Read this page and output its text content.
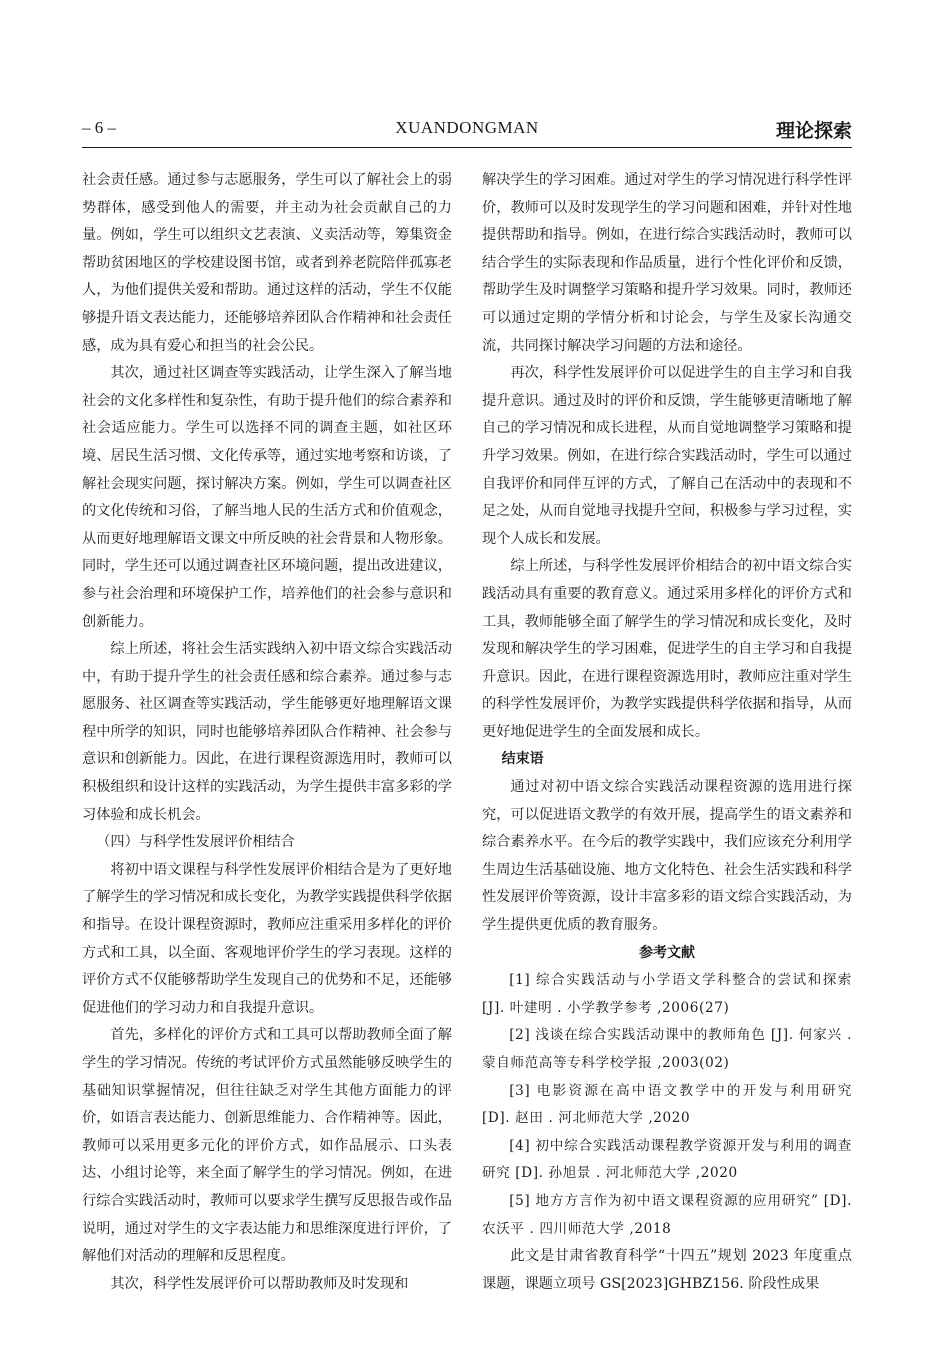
– 6 –	XUANDONGMAN	理论探索

社会责任感。通过参与志愿服务，学生可以了解社会上的弱势群体，感受到他人的需要，并主动为社会贡献自己的力量。例如，学生可以组织文艺表演、义卖活动等，筹集资金帮助贫困地区的学校建设图书馆，或者到养老院陪伴孤寡老人，为他们提供关爱和帮助。通过这样的活动，学生不仅能够提升语文表达能力，还能够培养团队合作精神和社会责任感，成为具有爱心和担当的社会公民。

其次，通过社区调查等实践活动，让学生深入了解当地社会的文化多样性和复杂性，有助于提升他们的综合素养和社会适应能力。学生可以选择不同的调查主题，如社区环境、居民生活习惯、文化传承等，通过实地考察和访谈，了解社会现实问题，探讨解决方案。例如，学生可以调查社区的文化传统和习俗，了解当地人民的生活方式和价值观念，从而更好地理解语文课文中所反映的社会背景和人物形象。同时，学生还可以通过调查社区环境问题，提出改进建议，参与社会治理和环境保护工作，培养他们的社会参与意识和创新能力。

综上所述，将社会生活实践纳入初中语文综合实践活动中，有助于提升学生的社会责任感和综合素养。通过参与志愿服务、社区调查等实践活动，学生能够更好地理解语文课程中所学的知识，同时也能够培养团队合作精神、社会参与意识和创新能力。因此，在进行课程资源选用时，教师可以积极组织和设计这样的实践活动，为学生提供丰富多彩的学习体验和成长机会。

（四）与科学性发展评价相结合

将初中语文课程与科学性发展评价相结合是为了更好地了解学生的学习情况和成长变化，为教学实践提供科学依据和指导。在设计课程资源时，教师应注重采用多样化的评价方式和工具，以全面、客观地评价学生的学习表现。这样的评价方式不仅能够帮助学生发现自己的优势和不足，还能够促进他们的学习动力和自我提升意识。

首先，多样化的评价方式和工具可以帮助教师全面了解学生的学习情况。传统的考试评价方式虽然能够反映学生的基础知识掌握情况，但往往缺乏对学生其他方面能力的评价，如语言表达能力、创新思维能力、合作精神等。因此，教师可以采用更多元化的评价方式，如作品展示、口头表达、小组讨论等，来全面了解学生的学习情况。例如，在进行综合实践活动时，教师可以要求学生撰写反思报告或作品说明，通过对学生的文字表达能力和思维深度进行评价，了解他们对活动的理解和反思程度。

其次，科学性发展评价可以帮助教师及时发现和

解决学生的学习困难。通过对学生的学习情况进行科学性评价，教师可以及时发现学生的学习问题和困难，并针对性地提供帮助和指导。例如，在进行综合实践活动时，教师可以结合学生的实际表现和作品质量，进行个性化评价和反馈，帮助学生及时调整学习策略和提升学习效果。同时，教师还可以通过定期的学情分析和讨论会，与学生及家长沟通交流，共同探讨解决学习问题的方法和途径。

再次，科学性发展评价可以促进学生的自主学习和自我提升意识。通过及时的评价和反馈，学生能够更清晰地了解自己的学习情况和成长进程，从而自觉地调整学习策略和提升学习效果。例如，在进行综合实践活动时，学生可以通过自我评价和同伴互评的方式，了解自己在活动中的表现和不足之处，从而自觉地寻找提升空间，积极参与学习过程，实现个人成长和发展。

综上所述，与科学性发展评价相结合的初中语文综合实践活动具有重要的教育意义。通过采用多样化的评价方式和工具，教师能够全面了解学生的学习情况和成长变化，及时发现和解决学生的学习困难，促进学生的自主学习和自我提升意识。因此，在进行课程资源选用时，教师应注重对学生的科学性发展评价，为教学实践提供科学依据和指导，从而更好地促进学生的全面发展和成长。

结束语

通过对初中语文综合实践活动课程资源的选用进行探究，可以促进语文教学的有效开展，提高学生的语文素养和综合素养水平。在今后的教学实践中，我们应该充分利用学生周边生活基础设施、地方文化特色、社会生活实践和科学性发展评价等资源，设计丰富多彩的语文综合实践活动，为学生提供更优质的教育服务。

参考文献

[1] 综合实践活动与小学语文学科整合的尝试和探索 [J]. 叶建明 . 小学教学参考 ,2006(27)

[2] 浅谈在综合实践活动课中的教师角色 [J]. 何家兴 . 蒙自师范高等专科学校学报 ,2003(02)

[3] 电影资源在高中语文教学中的开发与利用研究 [D]. 赵田 . 河北师范大学 ,2020

[4] 初中综合实践活动课程教学资源开发与利用的调查研究 [D]. 孙旭景 . 河北师范大学 ,2020

[5] 地方方言作为初中语文课程资源的应用研究” [D]. 农沃平 . 四川师范大学 ,2018

此文是甘肃省教育科学“十四五”规划 2023 年度重点课题，课题立项号 GS[2023]GHBZ156. 阶段性成果
